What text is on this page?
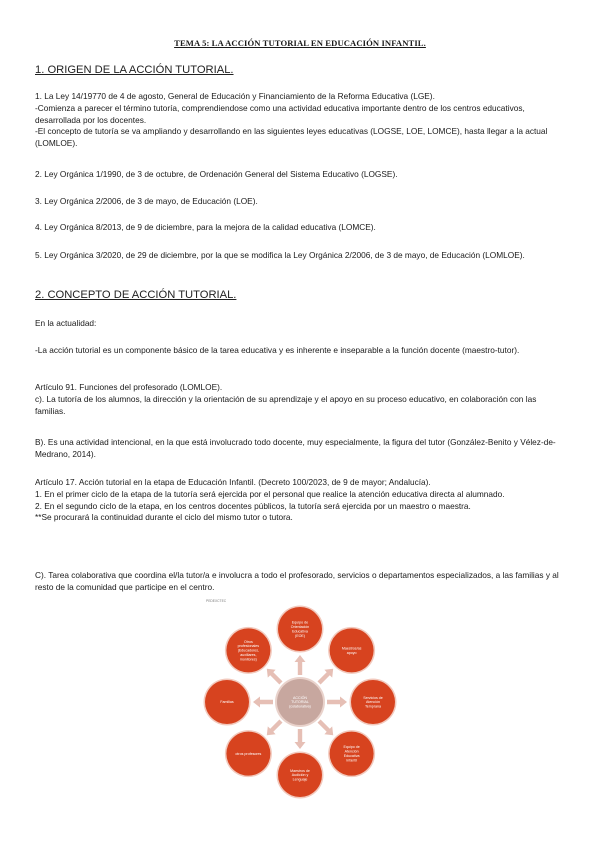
TEMA 5: LA ACCIÓN TUTORIAL EN EDUCACIÓN INFANTIL.
1. ORIGEN DE LA ACCIÓN TUTORIAL.
1. La Ley 14/19770 de 4 de agosto, General de Educación y Financiamiento de la Reforma Educativa (LGE).
-Comienza a parecer el término tutoría, comprendiendose como una actividad educativa importante dentro de los centros educativos, desarrollada por los docentes.
-El concepto de tutoría se va ampliando y desarrollando en las siguientes leyes educativas (LOGSE, LOE, LOMCE), hasta llegar a la actual (LOMLOE).
2. Ley Orgánica 1/1990, de 3 de octubre, de Ordenación General del Sistema Educativo (LOGSE).
3. Ley Orgánica 2/2006, de 3 de mayo, de Educación (LOE).
4. Ley Orgánica 8/2013, de 9 de diciembre, para la mejora de la calidad educativa (LOMCE).
5. Ley Orgánica 3/2020, de 29 de diciembre, por la que se modifica la Ley Orgánica 2/2006, de 3 de mayo, de Educación (LOMLOE).
2. CONCEPTO DE ACCIÓN TUTORIAL.
En la actualidad:
-La acción tutorial es un componente básico de la tarea educativa y es inherente e inseparable a la función docente (maestro-tutor).
Artículo 91. Funciones del profesorado (LOMLOE).
c). La tutoría de los alumnos, la dirección y la orientación de su aprendizaje y el apoyo en su proceso educativo, en colaboración con las familias.
B). Es una actividad intencional, en la que está involucrado todo docente, muy especialmente, la figura del tutor (González-Benito y Vélez-de-Medrano, 2014).
Artículo 17. Acción tutorial en la etapa de Educación Infantil. (Decreto 100/2023, de 9 de mayor; Andalucía).
1. En el primer ciclo de la etapa de la tutoría será ejercida por el personal que realice la atención educativa directa al alumnado.
2. En el segundo ciclo de la etapa, en los centros docentes públicos, la tutoría será ejercida por un maestro o maestra.
**Se procurará la continuidad durante el ciclo del mismo tutor o tutora.
C). Tarea colaborativa que coordina el/la tutor/a e involucra a todo el profesorado, servicios o departamentos especializados, a las familias y al resto de la comunidad que participe en el centro.
PEDEXCTEC
Equipo de
Orientación
Educativa
(EOE)
Maestros/as
apoyo
Servicios de
Atención
Temprana
Equipo de
Atención
Educativa
Infantil
Maestros de
Audición y
Lenguaje
otros profesores
Familias
Otros
profesionales
(Educadores,
auxiliares,
monitores)
ACCIÓN
TUTORIAL
(colaborativa)
